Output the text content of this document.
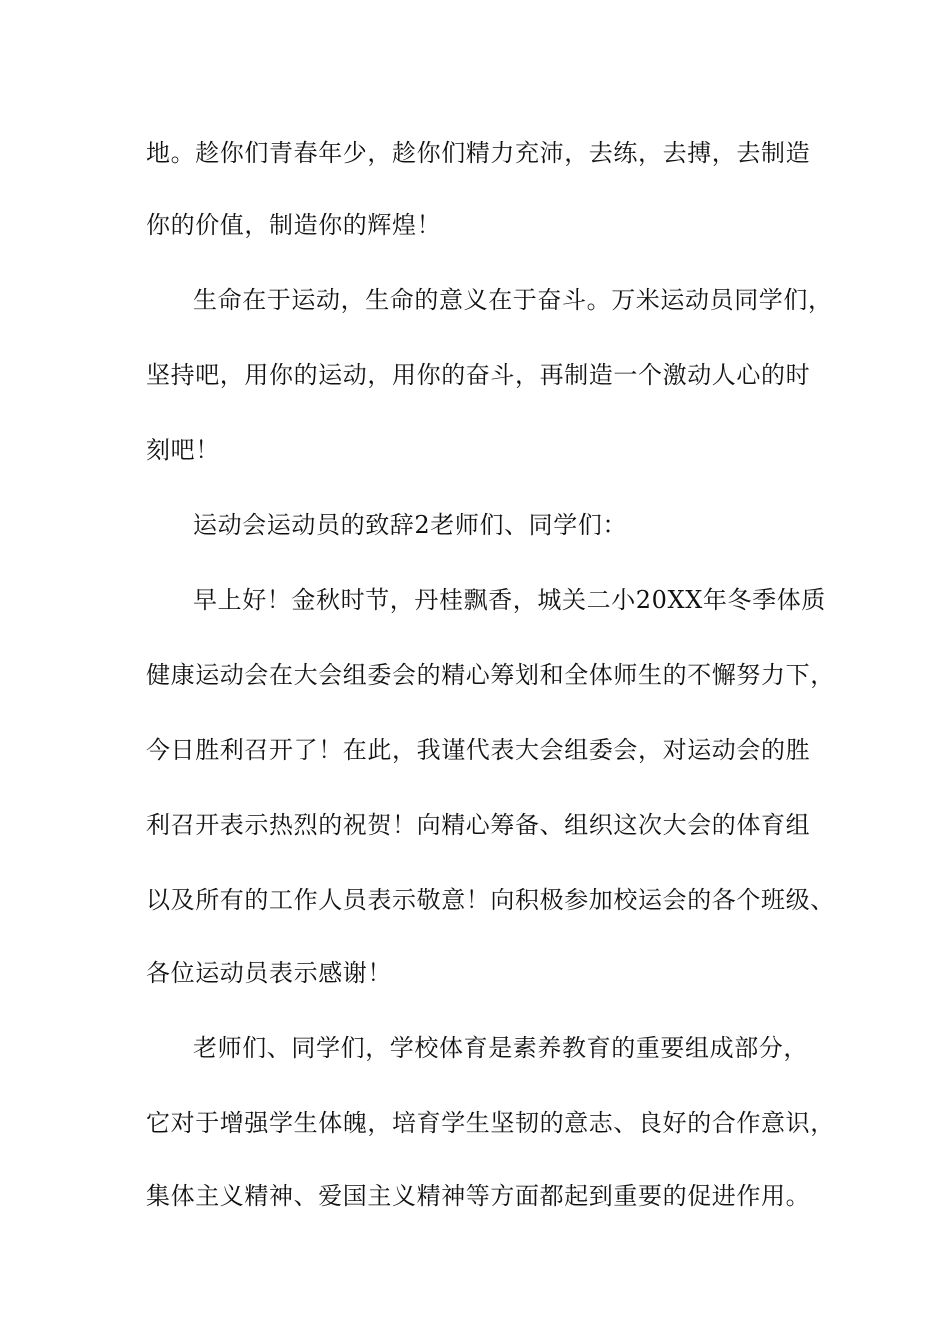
地。趁你们青春年少，趁你们精力充沛，去练，去搏，去制造
你的价值，制造你的辉煌！
生命在于运动，生命的意义在于奋斗。万米运动员同学们，
坚持吧，用你的运动，用你的奋斗，再制造一个激动人心的时
刻吧！
运动会运动员的致辞2老师们、同学们：
早上好！金秋时节，丹桂飘香，城关二小20XX年冬季体质
健康运动会在大会组委会的精心筹划和全体师生的不懈努力下，
今日胜利召开了！在此，我谨代表大会组委会，对运动会的胜
利召开表示热烈的祝贺！向精心筹备、组织这次大会的体育组
以及所有的工作人员表示敬意！向积极参加校运会的各个班级、
各位运动员表示感谢！
老师们、同学们，学校体育是素养教育的重要组成部分，
它对于增强学生体魄，培育学生坚韧的意志、良好的合作意识，
集体主义精神、爱国主义精神等方面都起到重要的促进作用。
